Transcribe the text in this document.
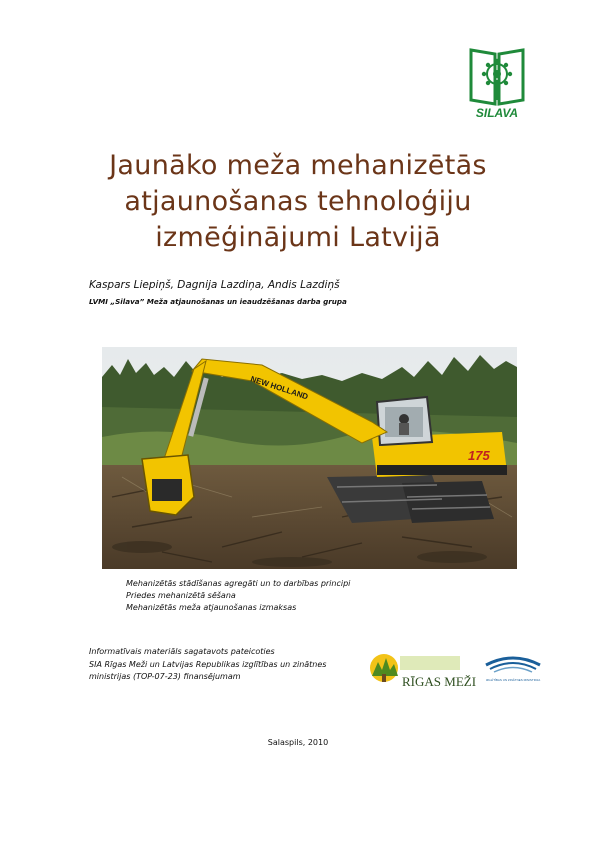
SILAVA
Jaunāko meža mehanizētās
atjaunošanas tehnoloģiju
izmēģinājumi Latvijā
Kaspars Liepiņš, Dagnija Lazdiņa, Andis Lazdiņš
LVMI „Silava” Meža atjaunošanas un ieaudzēšanas darba grupa
175
NEW HOLLAND
Mehanizētās stādīšanas agregāti un to darbības principi
Priedes mehanizētā sēšana
Mehanizētās meža atjaunošanas izmaksas
Informatīvais materiāls sagatavots pateicoties
SIA Rīgas Meži un Latvijas Republikas izglītības un zinātnes
ministrijas (TOP-07-23) finansējumam	RĪGAS MEŽI	IZGLĪTĪBAS UN ZINĀTNES MINISTRIJA
Salaspils, 2010
